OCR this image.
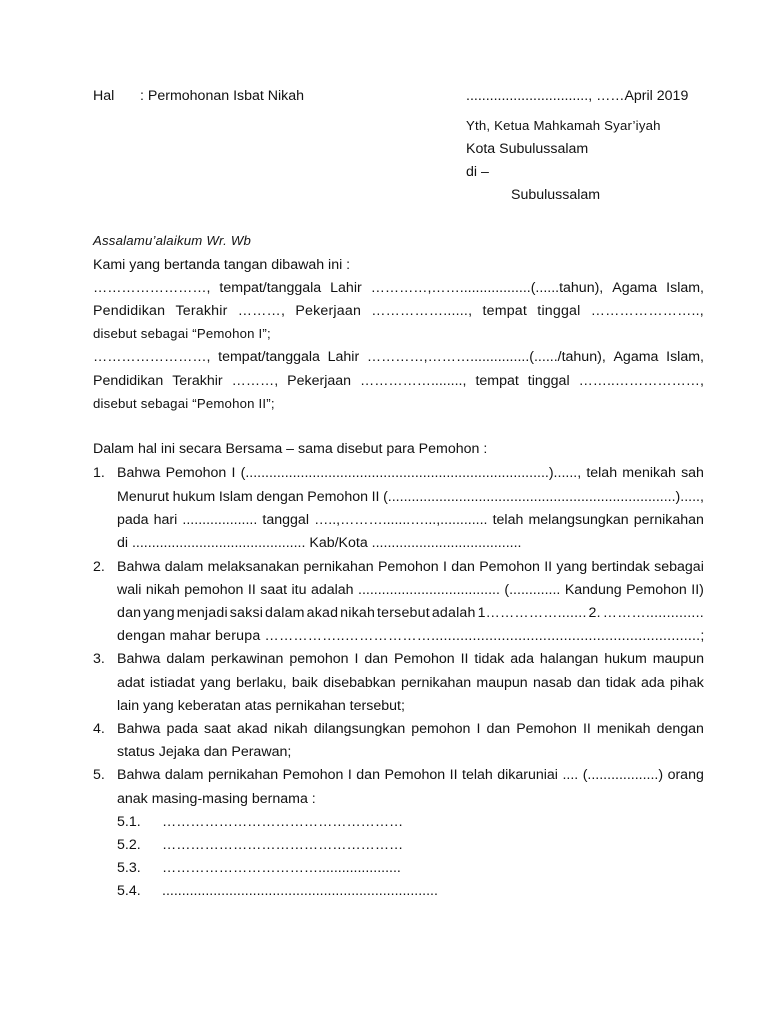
Hal : Permohonan Isbat Nikah	..............................., ……April 2019
Yth, Ketua Mahkamah Syar’iyah
Kota Subulussalam
di –
Subulussalam
Assalamu’alaikum Wr. Wb
Kami yang bertanda tangan dibawah ini :
……………………, tempat/tanggala Lahir …………,……..................(......tahun), Agama Islam,
Pendidikan Terakhir ………, Pekerjaan ……………......, tempat tinggal …………………..,
disebut sebagai “Pemohon I”;
……………………, tempat/tanggala Lahir …………,………...............(....../tahun), Agama Islam,
Pendidikan Terakhir ………, Pekerjaan ……………........, tempat tinggal ……..………………,
disebut sebagai “Pemohon II”;
Dalam hal ini secara Bersama – sama disebut para Pemohon :
1. Bahwa Pemohon I (.............................................................................)......, telah menikah sah
Menurut hukum Islam dengan Pemohon II (.........................................................................).....,
pada hari ................... tanggal …..,……….......…...,............ telah melangsungkan pernikahan
di ............................................ Kab/Kota ......................................
2. Bahwa dalam melaksanakan pernikahan Pemohon I dan Pemohon II yang bertindak sebagai
wali nikah pemohon II saat itu adalah .................................... (............. Kandung Pemohon II)
dan yang menjadi saksi dalam akad nikah tersebut adalah 1……………....... 2. ………..............
dengan mahar berupa ……………..……………….................................................................;
3. Bahwa dalam perkawinan pemohon I dan Pemohon II tidak ada halangan hukum maupun
adat istiadat yang berlaku, baik disebabkan pernikahan maupun nasab dan tidak ada pihak
lain yang keberatan atas pernikahan tersebut;
4. Bahwa pada saat akad nikah dilangsungkan pemohon I dan Pemohon II menikah dengan
status Jejaka dan Perawan;
5. Bahwa dalam pernikahan Pemohon I dan Pemohon II telah dikaruniai .... (..................) orang
anak masing-masing bernama :
5.1. ……………………………………………
5.2. ……………………………………………
5.3. …………………………….....................
5.4. ......................................................................
